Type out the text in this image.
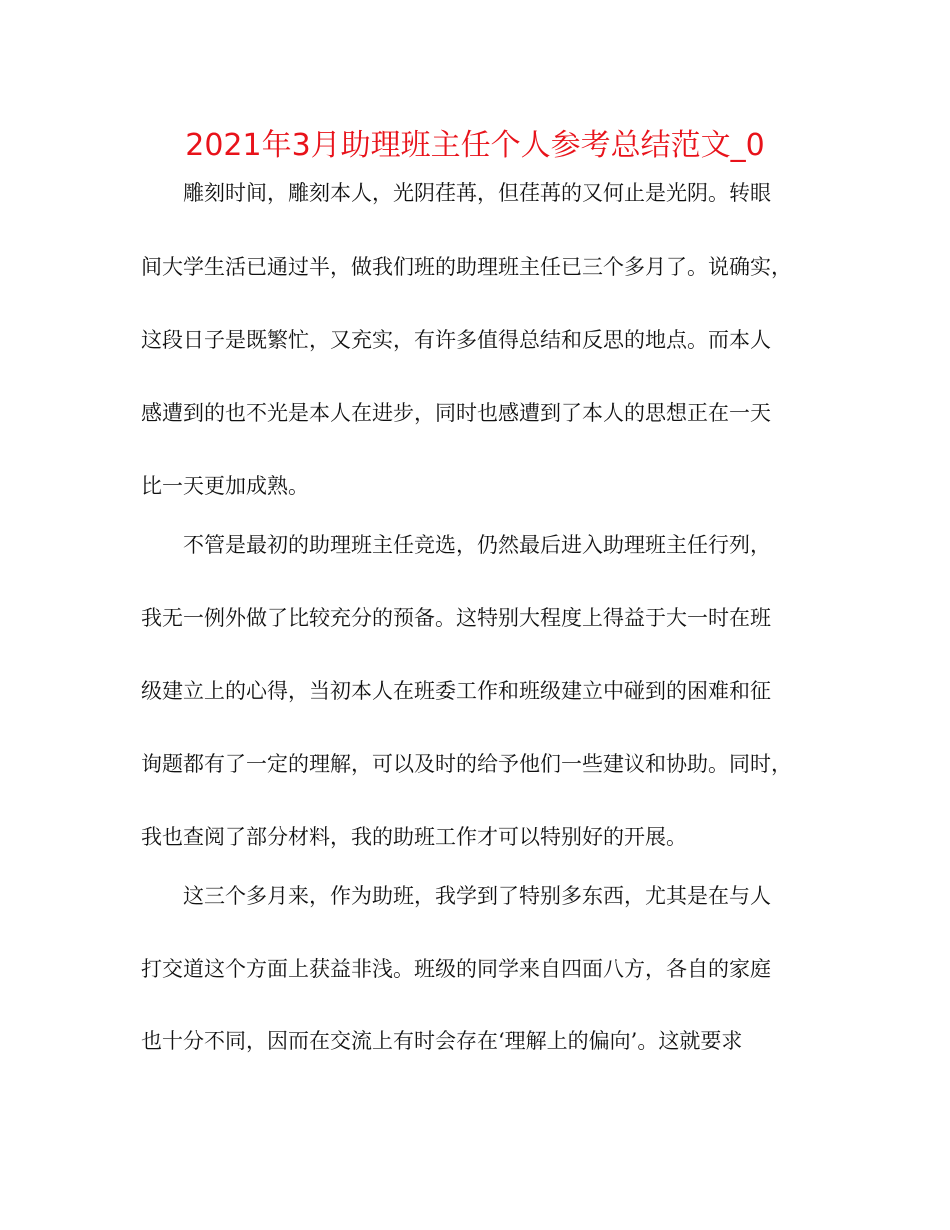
2021年3月助理班主任个人参考总结范文_0
雕刻时间，雕刻本人，光阴荏苒，但荏苒的又何止是光阴。转眼
间大学生活已通过半，做我们班的助理班主任已三个多月了。说确实，
这段日子是既繁忙，又充实，有许多值得总结和反思的地点。而本人
感遭到的也不光是本人在进步，同时也感遭到了本人的思想正在一天
比一天更加成熟。
不管是最初的助理班主任竞选，仍然最后进入助理班主任行列，
我无一例外做了比较充分的预备。这特别大程度上得益于大一时在班
级建立上的心得，当初本人在班委工作和班级建立中碰到的困难和征
询题都有了一定的理解，可以及时的给予他们一些建议和协助。同时，
我也查阅了部分材料，我的助班工作才可以特别好的开展。
这三个多月来，作为助班，我学到了特别多东西，尤其是在与人
打交道这个方面上获益非浅。班级的同学来自四面八方，各自的家庭
也十分不同，因而在交流上有时会存在‘理解上的偏向’。这就要求
